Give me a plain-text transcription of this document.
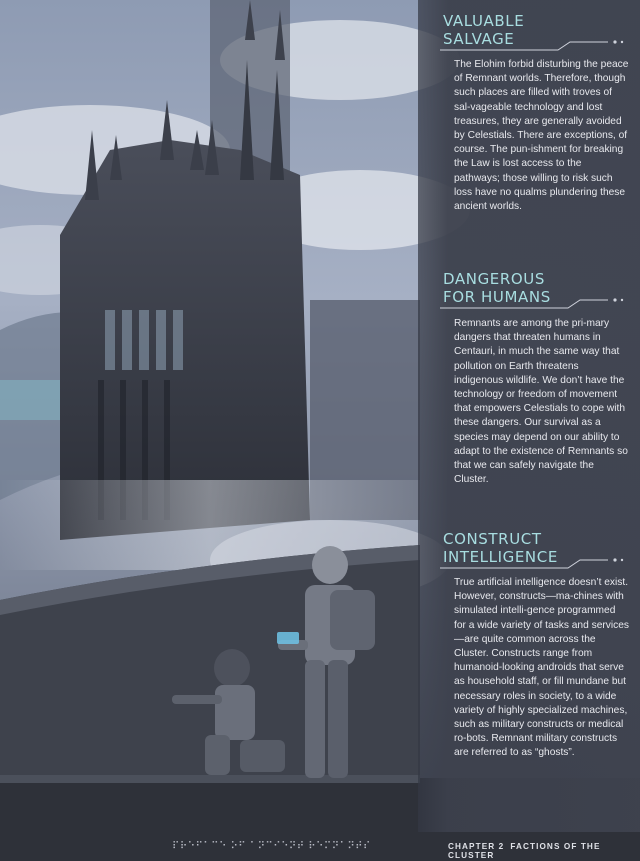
VALUABLE
SALVAGE

The Elohim forbid disturbing the peace of Remnant worlds. Therefore, though such places are filled with troves of sal-vageable technology and lost treasures, they are generally avoided by Celestials. There are exceptions, of course. The pun-ishment for breaking the Law is lost access to the pathways; those willing to risk such loss have no qualms plundering these ancient worlds.

DANGEROUS
FOR HUMANS

Remnants are among the pri-mary dangers that threaten humans in Centauri, in much the same way that pollution on Earth threatens indigenous wildlife. We don’t have the technology or freedom of movement that empowers Celestials to cope with these dangers. Our survival as a species may depend on our ability to adapt to the existence of Remnants so that we can safely navigate the Cluster.

CONSTRUCT
INTELLIGENCE

True artificial intelligence doesn’t exist. However, constructs—ma-chines with simulated intelli-gence programmed for a wide variety of tasks and services—are quite common across the Cluster. Constructs range from humanoid-looking androids that serve as household staff, or fill mundane but necessary roles in society, to a wide variety of highly specialized machines, such as military constructs or medical ro-bots. Remnant military constructs are referred to as “ghosts”.

⠏⠗⠑⠋⠁⠉⠑ ⠕⠋ ⠁⠝⠉⠊⠑⠝⠞ ⠗⠑⠍⠝⠁⠝⠞⠎	CHAPTER 2 FACTIONS OF THE CLUSTER
